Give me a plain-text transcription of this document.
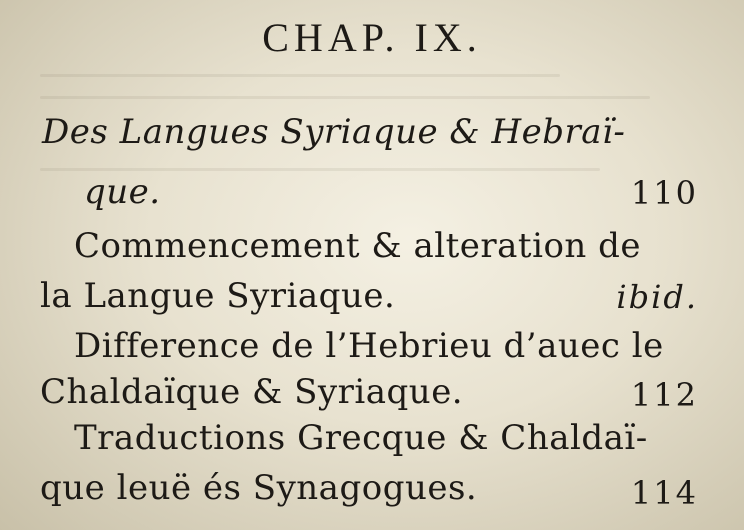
CHAP. IX.
Des Langues Syriaque & Hebraï-
que.	110
Commencement & alteration de
la Langue Syriaque.	ibid.
Difference de l’Hebrieu d’auec le
Chaldaïque & Syriaque.	112
Traductions Grecque & Chaldaï-
que leuë és Synagogues.	114
